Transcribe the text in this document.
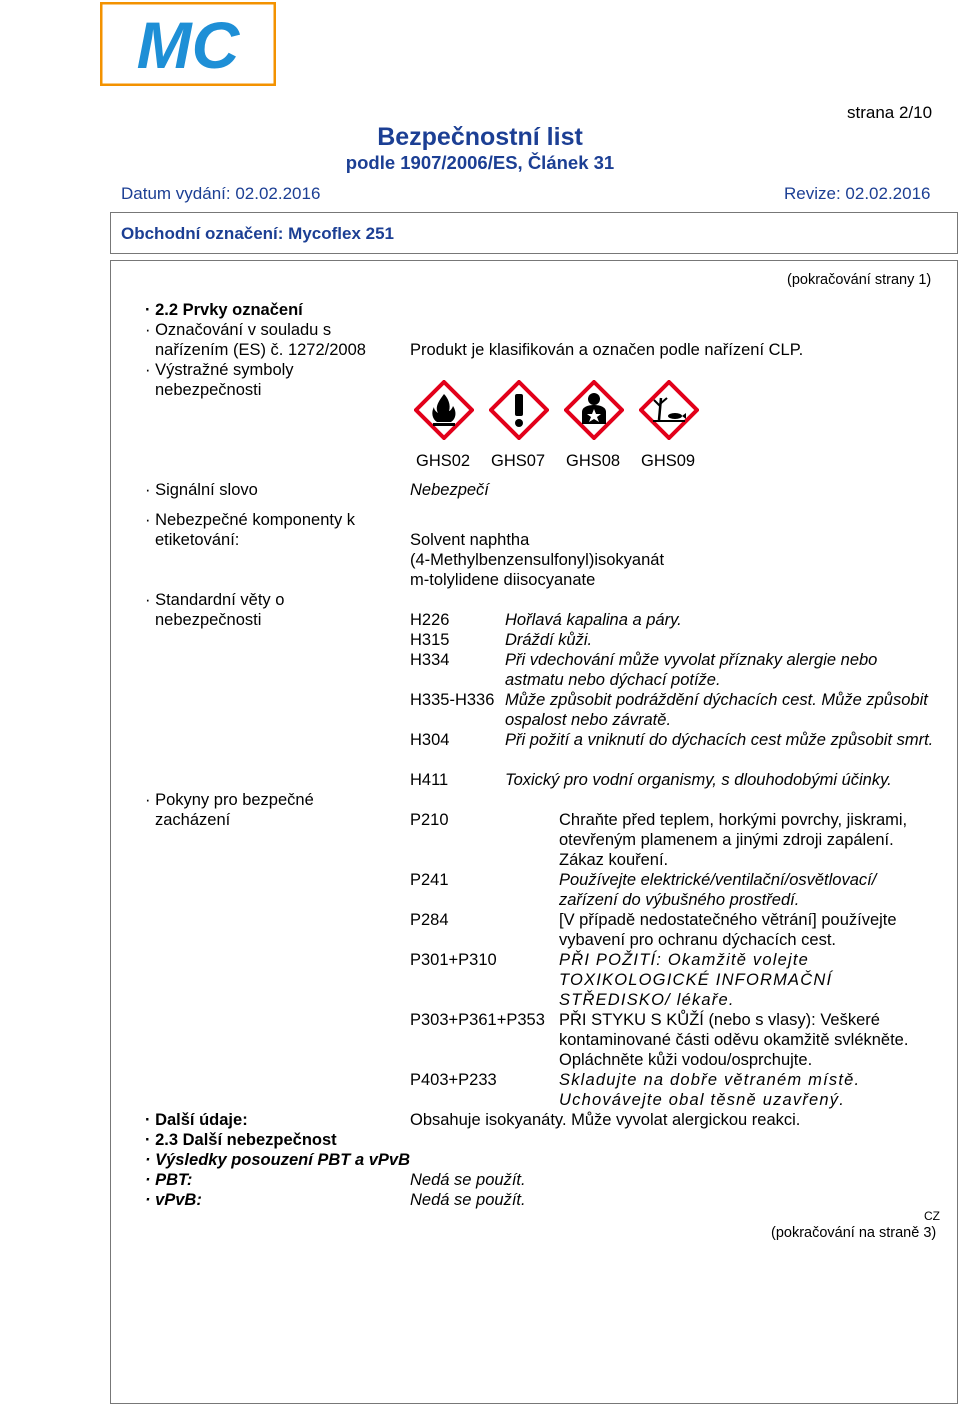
MC
strana 2/10
Bezpečnostní list
podle 1907/2006/ES, Článek 31
Datum vydání: 02.02.2016	Revize: 02.02.2016
Obchodní označení: Mycoflex 251
(pokračování strany 1)
· 2.2 Prvky označení
· Označování v souladu s
nařízením (ES) č. 1272/2008	Produkt je klasifikován a označen podle nařízení CLP.
· Výstražné symboly
nebezpečnosti
GHS02 GHS07 GHS08 GHS09
· Signální slovo	Nebezpečí
· Nebezpečné komponenty k
etiketování:	Solvent naphtha
(4-Methylbenzensulfonyl)isokyanát
m-tolylidene diisocyanate
· Standardní věty o
nebezpečnosti	H226	Hořlavá kapalina a páry.
H315	Dráždí kůži.
H334	Při vdechování může vyvolat příznaky alergie nebo astmatu nebo dýchací potíže.
H335-H336 Může způsobit podráždění dýchacích cest. Může způsobit ospalost nebo závratě.
H304	Při požití a vniknutí do dýchacích cest může způsobit smrt.
H411	Toxický pro vodní organismy, s dlouhodobými účinky.
· Pokyny pro bezpečné
zacházení	P210	Chraňte před teplem, horkými povrchy, jiskrami, otevřeným plamenem a jinými zdroji zapálení. Zákaz kouření.
P241	Používejte elektrické/ventilační/osvětlovací/ zařízení do výbušného prostředí.
P284	[V případě nedostatečného větrání] používejte vybavení pro ochranu dýchacích cest.
P301+P310	PŘI POŽITÍ: Okamžitě volejte TOXIKOLOGICKÉ INFORMAČNÍ STŘEDISKO/ lékaře.
P303+P361+P353 PŘI STYKU S KŮŽÍ (nebo s vlasy): Veškeré kontaminované části oděvu okamžitě svlékněte. Opláchněte kůži vodou/osprchujte.
P403+P233	Skladujte na dobře větraném místě. Uchovávejte obal těsně uzavřený.
· Další údaje:	Obsahuje isokyanáty. Může vyvolat alergickou reakci.
· 2.3 Další nebezpečnost
· Výsledky posouzení PBT a vPvB
· PBT:	Nedá se použít.
· vPvB:	Nedá se použít.
CZ
(pokračování na straně 3)
